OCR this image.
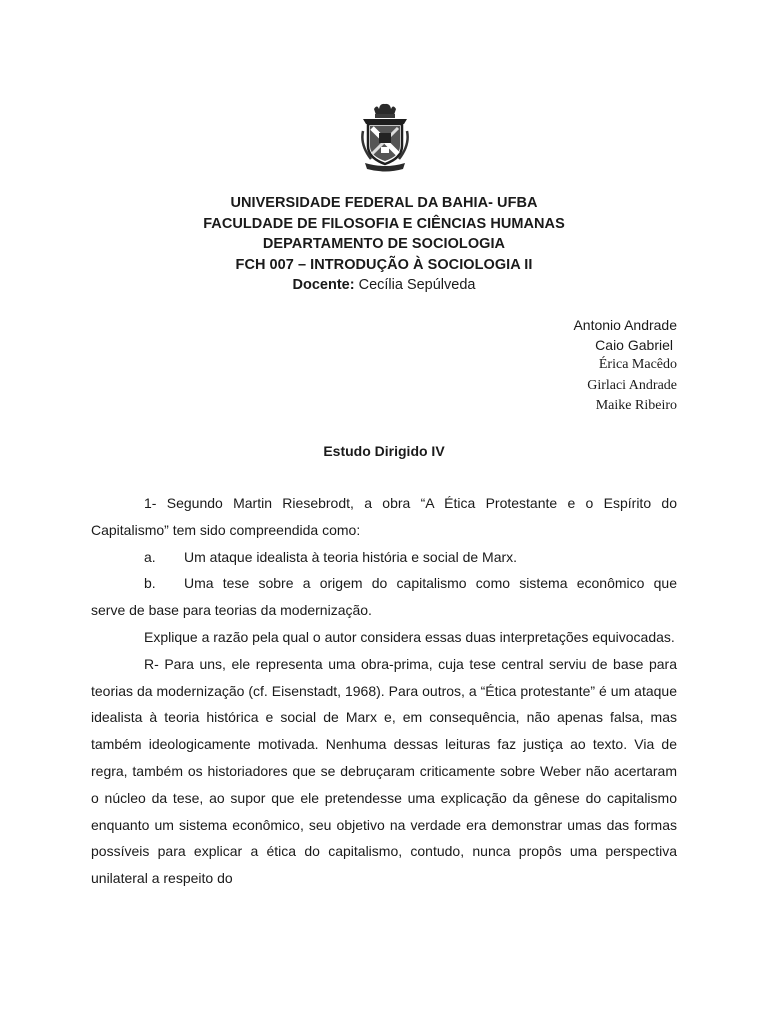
UNIVERSIDADE FEDERAL DA BAHIA- UFBA
FACULDADE DE FILOSOFIA E CIÊNCIAS HUMANAS
DEPARTAMENTO DE SOCIOLOGIA
FCH 007 – INTRODUÇÃO À SOCIOLOGIA II
Docente: Cecília Sepúlveda
Antonio Andrade
Caio Gabriel
Érica Macêdo
Girlaci Andrade
Maike Ribeiro
Estudo Dirigido IV

1- Segundo Martin Riesebrodt, a obra “A Ética Protestante e o Espírito do Capitalismo” tem sido compreendida como:

a.	Um ataque idealista à teoria história e social de Marx.
b.	Uma tese sobre a origem do capitalismo como sistema econômico que

serve de base para teorias da modernização.

Explique a razão pela qual o autor considera essas duas interpretações equivocadas.

R- Para uns, ele representa uma obra-prima, cuja tese central serviu de base para teorias da modernização (cf. Eisenstadt, 1968). Para outros, a “Ética protestante” é um ataque idealista à teoria histórica e social de Marx e, em consequência, não apenas falsa, mas também ideologicamente motivada. Nenhuma dessas leituras faz justiça ao texto. Via de regra, também os historiadores que se debruçaram criticamente sobre Weber não acertaram o núcleo da tese, ao supor que ele pretendesse uma explicação da gênese do capitalismo enquanto um sistema econômico, seu objetivo na verdade era demonstrar umas das formas possíveis para explicar a ética do capitalismo, contudo, nunca propôs uma perspectiva unilateral a respeito do
